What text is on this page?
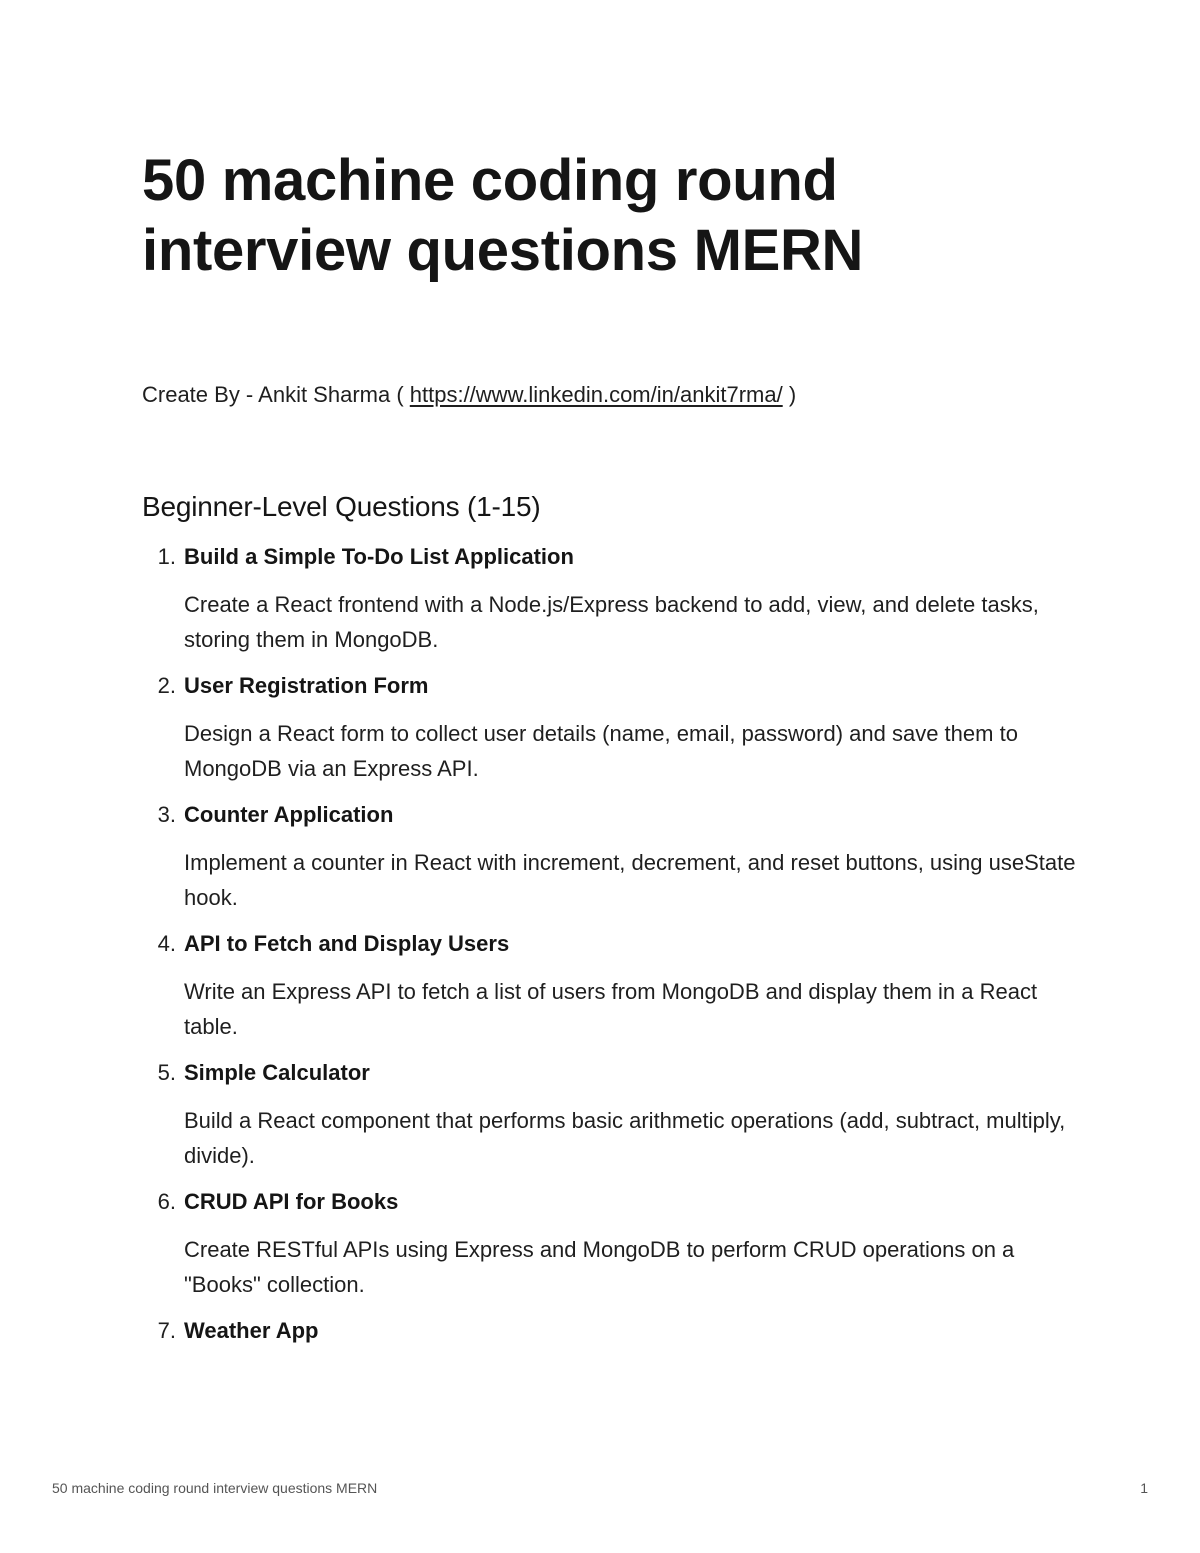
50 machine coding round interview questions MERN
Create By - Ankit Sharma ( https://www.linkedin.com/in/ankit7rma/ )
Beginner-Level Questions (1-15)
1. Build a Simple To-Do List Application
Create a React frontend with a Node.js/Express backend to add, view, and delete tasks, storing them in MongoDB.
2. User Registration Form
Design a React form to collect user details (name, email, password) and save them to MongoDB via an Express API.
3. Counter Application
Implement a counter in React with increment, decrement, and reset buttons, using useState hook.
4. API to Fetch and Display Users
Write an Express API to fetch a list of users from MongoDB and display them in a React table.
5. Simple Calculator
Build a React component that performs basic arithmetic operations (add, subtract, multiply, divide).
6. CRUD API for Books
Create RESTful APIs using Express and MongoDB to perform CRUD operations on a "Books" collection.
7. Weather App
50 machine coding round interview questions MERN	1
